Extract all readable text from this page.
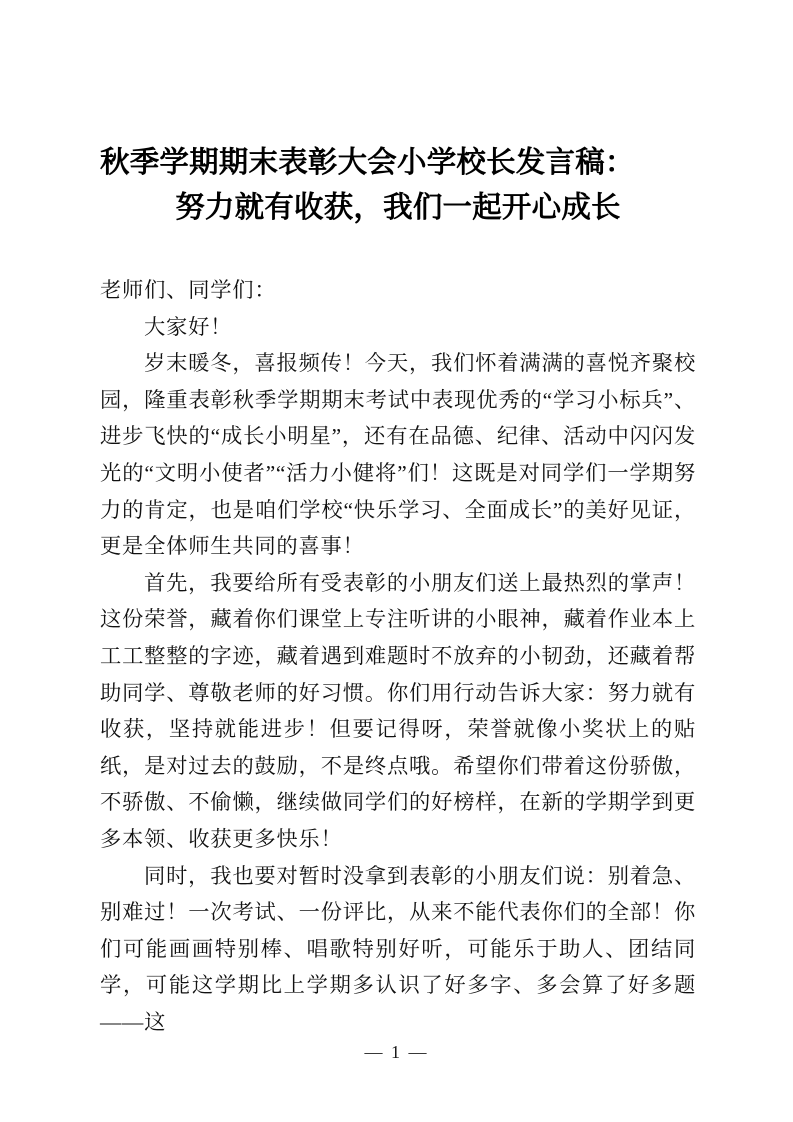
秋季学期期末表彰大会小学校长发言稿：
努力就有收获，我们一起开心成长

老师们、同学们：

大家好！

岁末暖冬，喜报频传！今天，我们怀着满满的喜悦齐聚校园，隆重表彰秋季学期期末考试中表现优秀的“学习小标兵”、进步飞快的“成长小明星”，还有在品德、纪律、活动中闪闪发光的“文明小使者”“活力小健将”们！这既是对同学们一学期努力的肯定，也是咱们学校“快乐学习、全面成长”的美好见证，更是全体师生共同的喜事！

首先，我要给所有受表彰的小朋友们送上最热烈的掌声！这份荣誉，藏着你们课堂上专注听讲的小眼神，藏着作业本上工工整整的字迹，藏着遇到难题时不放弃的小韧劲，还藏着帮助同学、尊敬老师的好习惯。你们用行动告诉大家：努力就有收获，坚持就能进步！但要记得呀，荣誉就像小奖状上的贴纸，是对过去的鼓励，不是终点哦。希望你们带着这份骄傲，不骄傲、不偷懒，继续做同学们的好榜样，在新的学期学到更多本领、收获更多快乐！

同时，我也要对暂时没拿到表彰的小朋友们说：别着急、别难过！一次考试、一份评比，从来不能代表你们的全部！你们可能画画特别棒、唱歌特别好听，可能乐于助人、团结同学，可能这学期比上学期多认识了好多字、多会算了好多题——这

— 1 —
